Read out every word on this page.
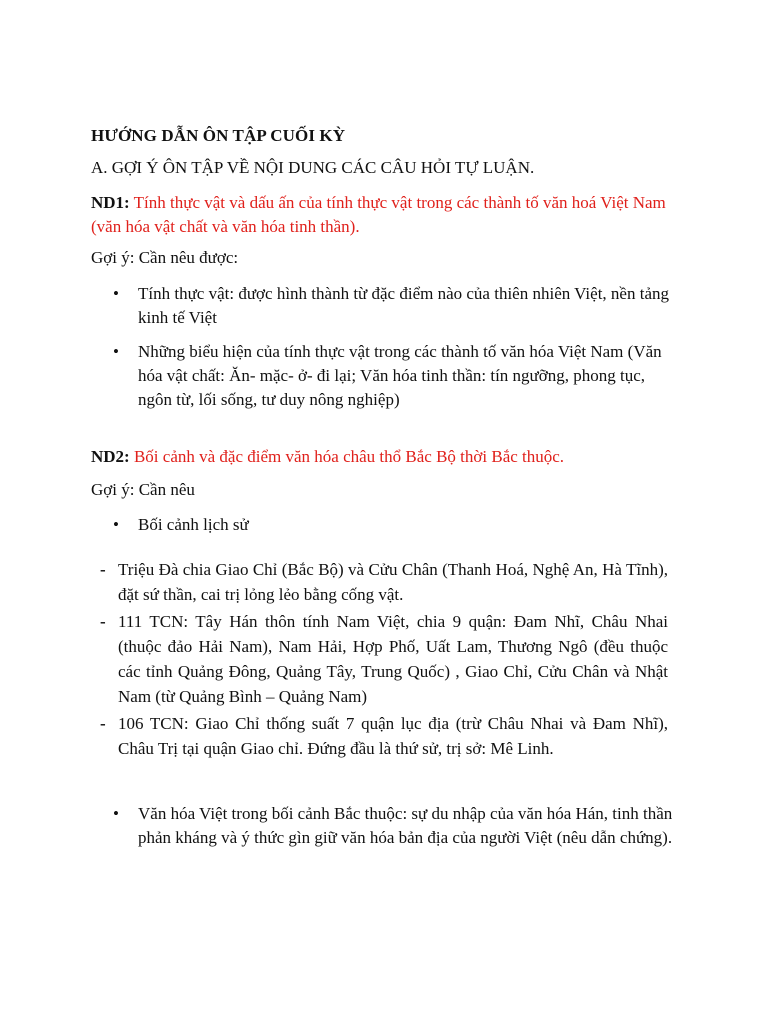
HƯỚNG DẪN ÔN TẬP CUỐI KỲ
A. GỢI Ý ÔN TẬP VỀ NỘI DUNG CÁC CÂU HỎI TỰ LUẬN.
ND1: Tính thực vật và dấu ấn của tính thực vật trong các thành tố văn hoá Việt Nam (văn hóa vật chất và văn hóa tinh thần).
Gợi ý: Cần nêu được:
• Tính thực vật: được hình thành từ đặc điểm nào của thiên nhiên Việt, nền tảng kinh tế Việt
• Những biểu hiện của tính thực vật trong các thành tố văn hóa Việt Nam (Văn hóa vật chất: Ăn- mặc- ở- đi lại; Văn hóa tinh thần: tín ngưỡng, phong tục, ngôn từ, lối sống, tư duy nông nghiệp)
ND2: Bối cảnh và đặc điểm văn hóa châu thổ Bắc Bộ thời Bắc thuộc.
Gợi ý: Cần nêu
• Bối cảnh lịch sử
- Triệu Đà chia Giao Chỉ (Bắc Bộ) và Cửu Chân (Thanh Hoá, Nghệ An, Hà Tĩnh), đặt sứ thần, cai trị lỏng lẻo bằng cống vật.
- 111 TCN: Tây Hán thôn tính Nam Việt, chia 9 quận: Đam Nhĩ, Châu Nhai (thuộc đảo Hải Nam), Nam Hải, Hợp Phố, Uất Lam, Thương Ngô (đều thuộc các tỉnh Quảng Đông, Quảng Tây, Trung Quốc) , Giao Chỉ, Cửu Chân và Nhật Nam (từ Quảng Bình – Quảng Nam)
- 106 TCN: Giao Chỉ thống suất 7 quận lục địa (trừ Châu Nhai và Đam Nhĩ), Châu Trị tại quận Giao chỉ. Đứng đầu là thứ sử, trị sở: Mê Linh.
• Văn hóa Việt trong bối cảnh Bắc thuộc: sự du nhập của văn hóa Hán, tinh thần phản kháng và ý thức gìn giữ văn hóa bản địa của người Việt (nêu dẫn chứng).
